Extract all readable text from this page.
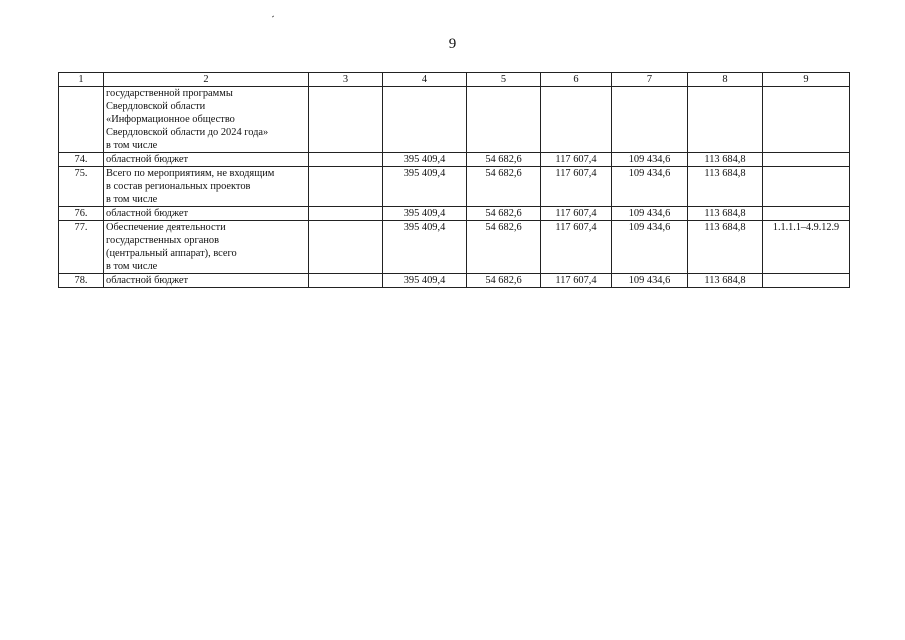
9
1	2	3	4	5	6	7	8	9
	государственной программы
Свердловской области
«Информационное общество
Свердловской области до 2024 года»
в том числе							
74.	областной бюджет		395 409,4	54 682,6	117 607,4	109 434,6	113 684,8	
75.	Всего по мероприятиям, не входящим
в состав региональных проектов
в том числе		395 409,4	54 682,6	117 607,4	109 434,6	113 684,8	
76.	областной бюджет		395 409,4	54 682,6	117 607,4	109 434,6	113 684,8	
77.	Обеспечение деятельности
государственных органов
(центральный аппарат), всего
в том числе		395 409,4	54 682,6	117 607,4	109 434,6	113 684,8	1.1.1.1–4.9.12.9
78.	областной бюджет		395 409,4	54 682,6	117 607,4	109 434,6	113 684,8	
